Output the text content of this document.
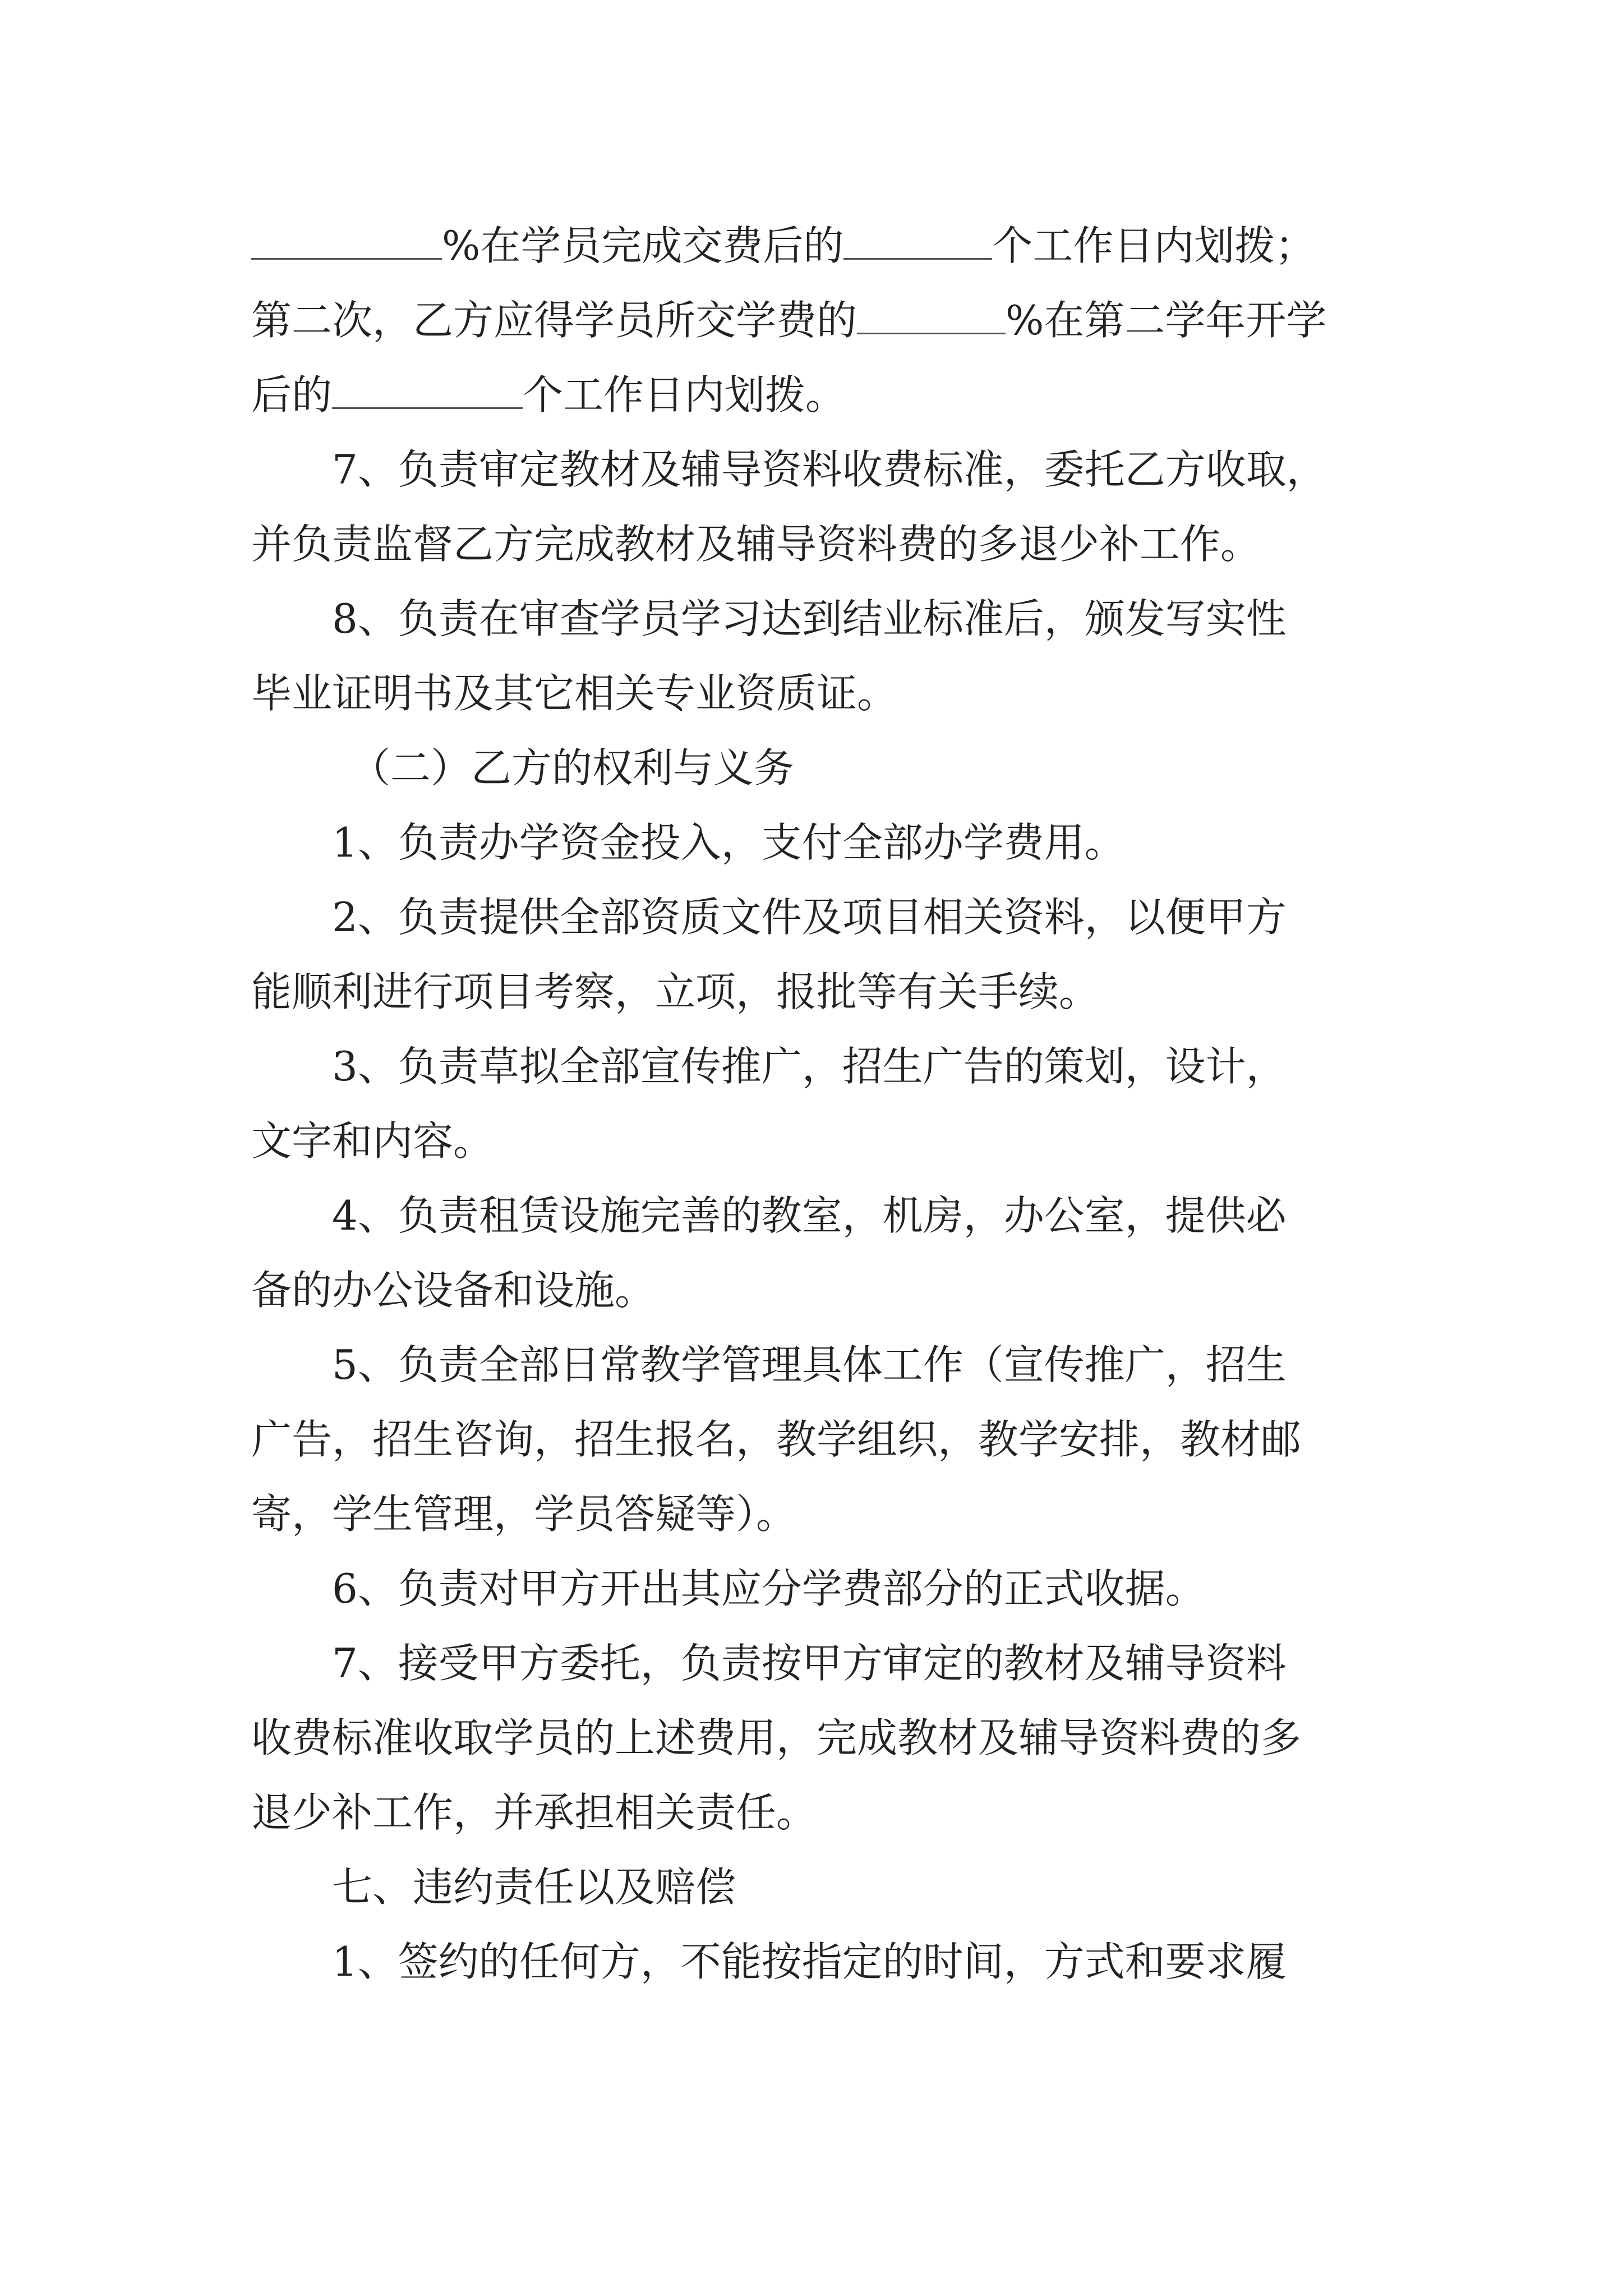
%在学员完成交费后的	个工作日内划拨；
第二次，乙方应得学员所交学费的	%在第二学年开学
后的	个工作日内划拨。
7、负责审定教材及辅导资料收费标准，委托乙方收取，
并负责监督乙方完成教材及辅导资料费的多退少补工作。
8、负责在审查学员学习达到结业标准后，颁发写实性
毕业证明书及其它相关专业资质证。
（二）乙方的权利与义务
1、负责办学资金投入，支付全部办学费用。
2、负责提供全部资质文件及项目相关资料，以便甲方
能顺利进行项目考察，立项，报批等有关手续。
3、负责草拟全部宣传推广，招生广告的策划，设计，
文字和内容。
4、负责租赁设施完善的教室，机房，办公室，提供必
备的办公设备和设施。
5、负责全部日常教学管理具体工作（宣传推广，招生
广告，招生咨询，招生报名，教学组织，教学安排，教材邮
寄，学生管理，学员答疑等）。
6、负责对甲方开出其应分学费部分的正式收据。
7、接受甲方委托，负责按甲方审定的教材及辅导资料
收费标准收取学员的上述费用，完成教材及辅导资料费的多
退少补工作，并承担相关责任。
七、违约责任以及赔偿
1、签约的任何方，不能按指定的时间，方式和要求履
